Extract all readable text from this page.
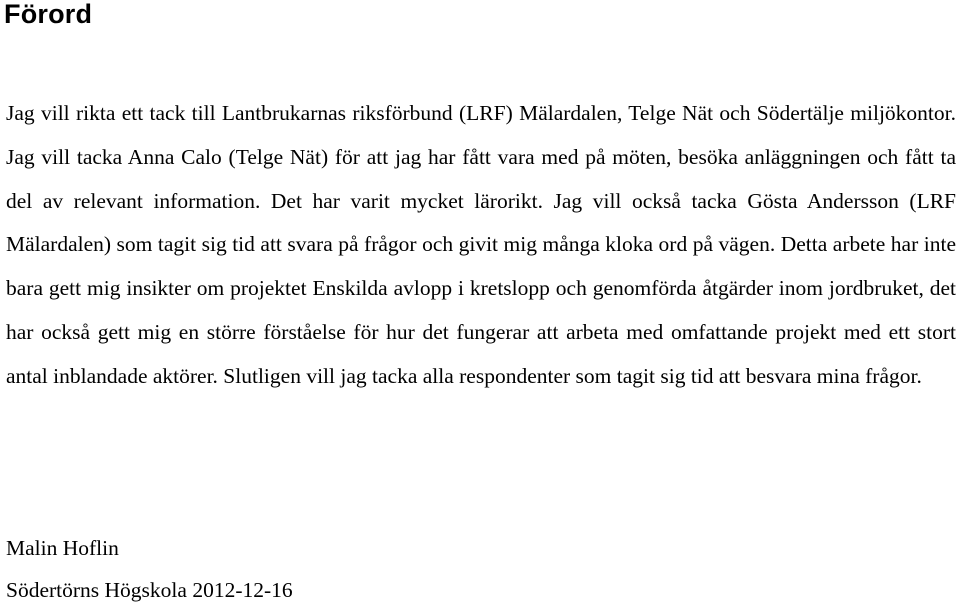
Förord

Jag vill rikta ett tack till Lantbrukarnas riksförbund (LRF) Mälardalen, Telge Nät och Södertälje miljökontor. Jag vill tacka Anna Calo (Telge Nät) för att jag har fått vara med på möten, besöka anläggningen och fått ta del av relevant information. Det har varit mycket lärorikt. Jag vill också tacka Gösta Andersson (LRF Mälardalen) som tagit sig tid att svara på frågor och givit mig många kloka ord på vägen. Detta arbete har inte bara gett mig insikter om projektet Enskilda avlopp i kretslopp och genomförda åtgärder inom jordbruket, det har också gett mig en större förståelse för hur det fungerar att arbeta med omfattande projekt med ett stort antal inblandade aktörer. Slutligen vill jag tacka alla respondenter som tagit sig tid att besvara mina frågor.

Malin Hoflin
Södertörns Högskola 2012-12-16
